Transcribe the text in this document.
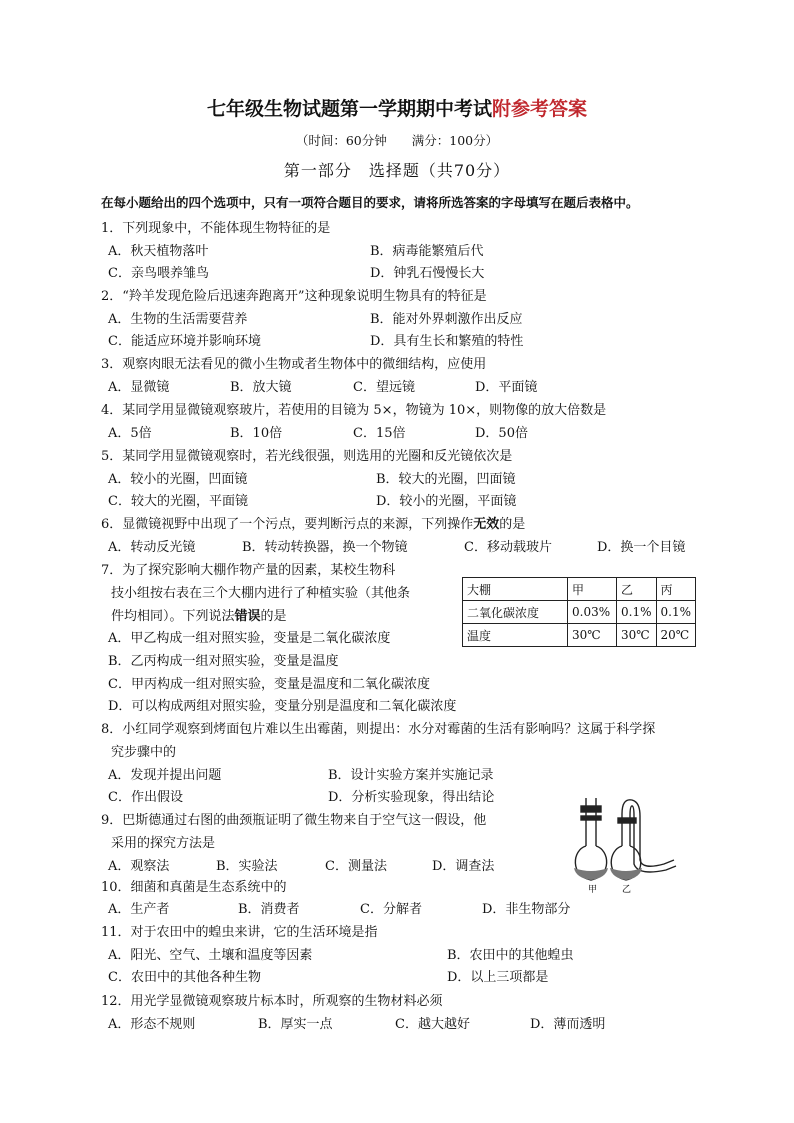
七年级生物试题第一学期期中考试附参考答案
（时间：60分钟　　满分：100分）
第一部分　选择题（共70分）
在每小题给出的四个选项中，只有一项符合题目的要求，请将所选答案的字母填写在题后表格中。
1．下列现象中，不能体现生物特征的是
A．秋天植物落叶	B．病毒能繁殖后代
C．亲鸟喂养雏鸟	D．钟乳石慢慢长大
2．“羚羊发现危险后迅速奔跑离开”这种现象说明生物具有的特征是
A．生物的生活需要营养	B．能对外界刺激作出反应
C．能适应环境并影响环境	D．具有生长和繁殖的特性
3．观察肉眼无法看见的微小生物或者生物体中的微细结构，应使用
A．显微镜	B．放大镜	C．望远镜	D．平面镜
4．某同学用显微镜观察玻片，若使用的目镜为 5×，物镜为 10×，则物像的放大倍数是
A．5倍	B．10倍	C．15倍	D．50倍
5．某同学用显微镜观察时，若光线很强，则选用的光圈和反光镜依次是
A．较小的光圈，凹面镜	B．较大的光圈，凹面镜
C．较大的光圈，平面镜	D．较小的光圈，平面镜
6．显微镜视野中出现了一个污点，要判断污点的来源，下列操作无效的是
A．转动反光镜	B．转动转换器，换一个物镜	C．移动载玻片	D．换一个目镜
7．为了探究影响大棚作物产量的因素，某校生物科
技小组按右表在三个大棚内进行了种植实验（其他条
件均相同）。下列说法错误的是
A．甲乙构成一组对照实验，变量是二氧化碳浓度
B．乙丙构成一组对照实验，变量是温度
C．甲丙构成一组对照实验，变量是温度和二氧化碳浓度
D．可以构成两组对照实验，变量分别是温度和二氧化碳浓度
大棚	甲	乙	丙
二氧化碳浓度	0.03%	0.1%	0.1%
温度	30℃	30℃	20℃
8．小红同学观察到烤面包片难以生出霉菌，则提出：水分对霉菌的生活有影响吗？这属于科学探
究步骤中的
A．发现并提出问题	B．设计实验方案并实施记录
C．作出假设	D．分析实验现象，得出结论
9．巴斯德通过右图的曲颈瓶证明了微生物来自于空气这一假设，他
采用的探究方法是
A．观察法	B．实验法	C．测量法	D．调查法
甲	乙
10．细菌和真菌是生态系统中的
A．生产者	B．消费者	C．分解者	D．非生物部分
11．对于农田中的蝗虫来讲，它的生活环境是指
A．阳光、空气、土壤和温度等因素	B．农田中的其他蝗虫
C．农田中的其他各种生物	D．以上三项都是
12．用光学显微镜观察玻片标本时，所观察的生物材料必须
A．形态不规则	B．厚实一点	C．越大越好	D．薄而透明
